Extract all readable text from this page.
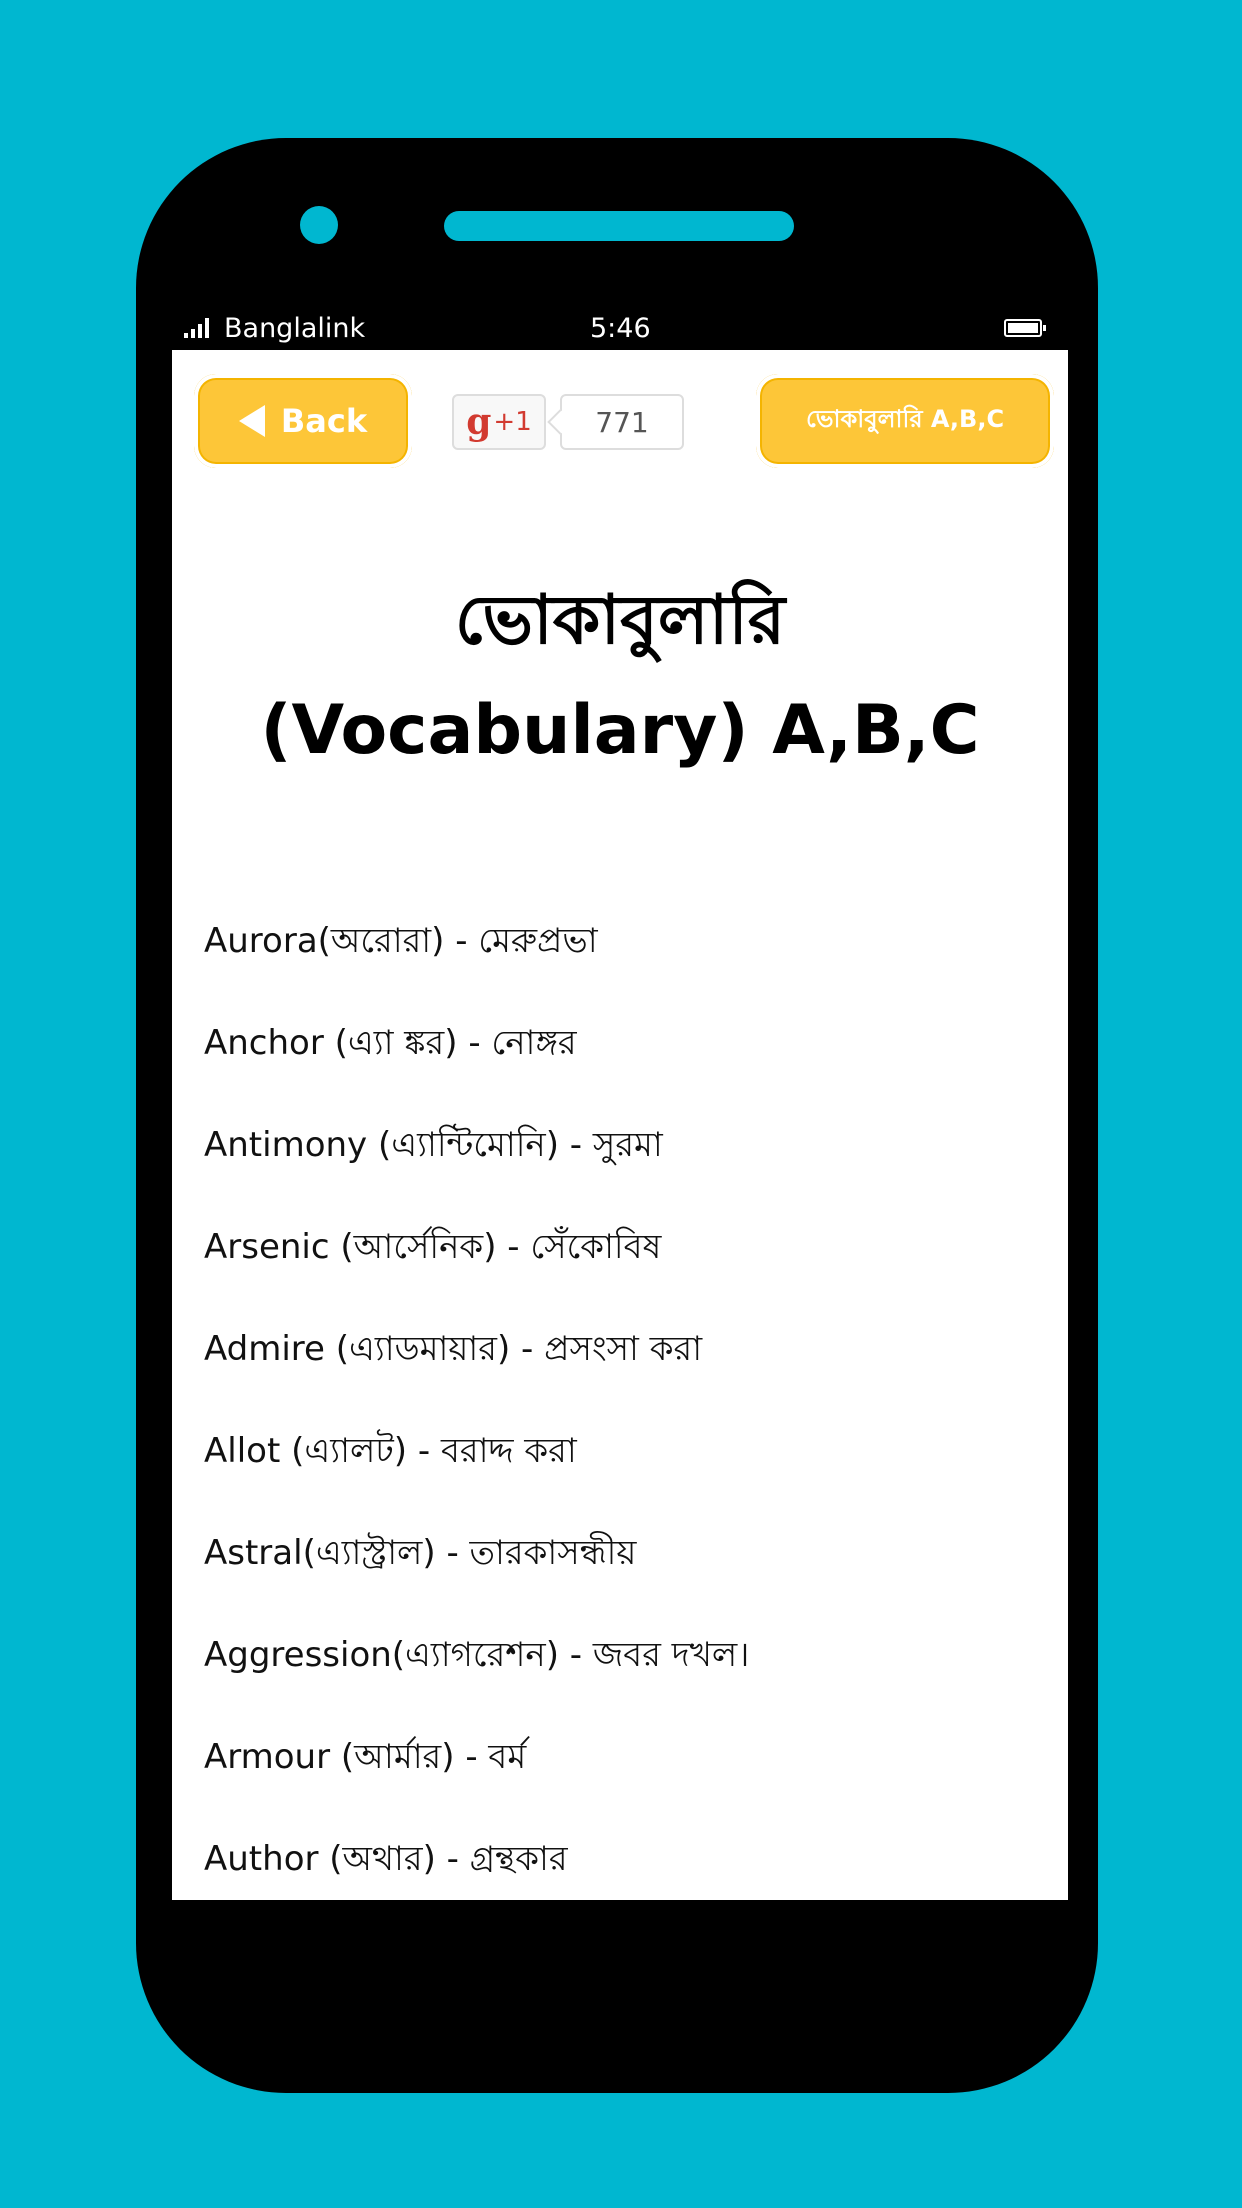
Banglalink	5:46
Back	g +1	771	ভোকাবুলারি A,B,C
ভোকাবুলারি
(Vocabulary) A,B,C
Aurora(অরোরা) - মেরুপ্রভা
Anchor (এ্যা ঙ্কর) - নোঙ্গর
Antimony (এ্যান্টিমোনি) - সুরমা
Arsenic (আর্সেনিক) - সেঁকোবিষ
Admire (এ্যাডমায়ার) - প্রসংসা করা
Allot (এ্যালট) - বরাদ্দ করা
Astral(এ্যাস্ট্রাল) - তারকাসন্ধীয়
Aggression(এ্যাগরেশন) - জবর দখল।
Armour (আর্মার) - বর্ম
Author (অথার) - গ্রন্থকার
